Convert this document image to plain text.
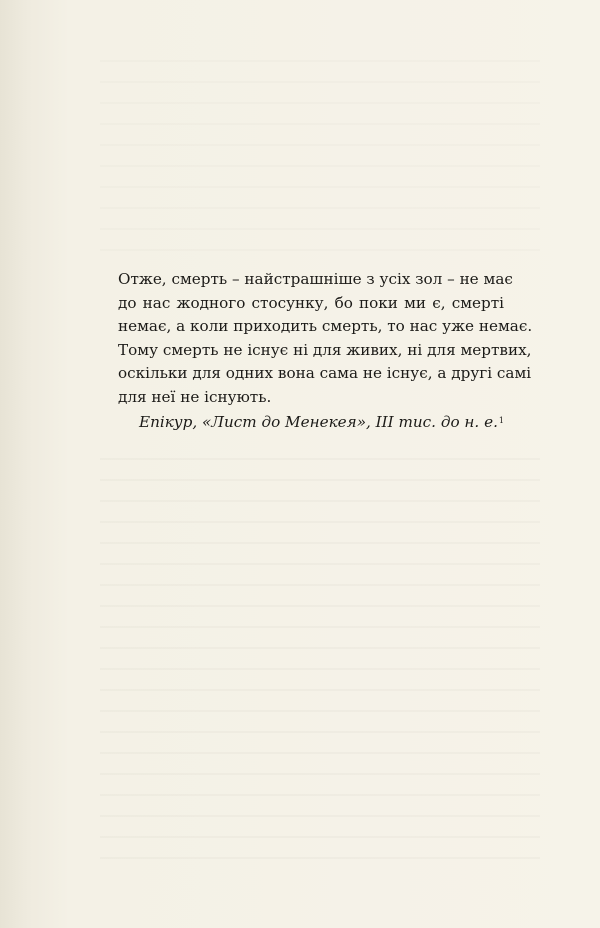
Отже, смерть – найстрашніше з усіх зол – не має
до нас жодного стосунку, бо поки ми є, смерті
немає, а коли приходить смерть, то нас уже немає.
Тому смерть не існує ні для живих, ні для мертвих,
оскільки для одних вона сама не існує, а другі самі
для неї не існують.
Епікур, «Лист до Менекея», ІІІ тис. до н. е.$^1$
